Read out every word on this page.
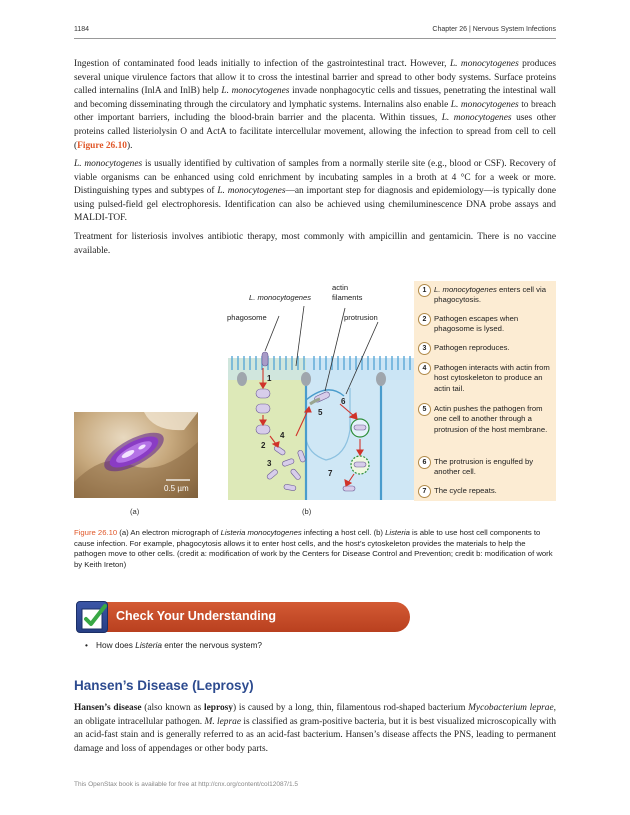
1184	Chapter 26 | Nervous System Infections

Ingestion of contaminated food leads initially to infection of the gastrointestinal tract. However, L. monocytogenes produces several unique virulence factors that allow it to cross the intestinal barrier and spread to other body systems. Surface proteins called internalins (InlA and InlB) help L. monocytogenes invade nonphagocytic cells and tissues, penetrating the intestinal wall and becoming disseminating through the circulatory and lymphatic systems. Internalins also enable L. monocytogenes to breach other important barriers, including the blood-brain barrier and the placenta. Within tissues, L. monocytogenes uses other proteins called listeriolysin O and ActA to facilitate intercellular movement, allowing the infection to spread from cell to cell (Figure 26.10).

L. monocytogenes is usually identified by cultivation of samples from a normally sterile site (e.g., blood or CSF). Recovery of viable organisms can be enhanced using cold enrichment by incubating samples in a broth at 4 °C for a week or more. Distinguishing types and subtypes of L. monocytogenes—an important step for diagnosis and epidemiology—is typically done using pulsed-field gel electrophoresis. Identification can also be achieved using chemiluminescence DNA probe assays and MALDI-TOF.

Treatment for listeriosis involves antibiotic therapy, most commonly with ampicillin and gentamicin. There is no vaccine available.

0.5 µm
(a)
L. monocytogenes
actin
filaments
phagosome	protrusion
1
2
3
4
5
6
7
(b)
1 L. monocytogenes enters cell via phagocytosis.
2 Pathogen escapes when phagosome is lysed.
3 Pathogen reproduces.
4 Pathogen interacts with actin from host cytoskeleton to produce an actin tail.
5 Actin pushes the pathogen from one cell to another through a protrusion of the host membrane.
6 The protrusion is engulfed by another cell.
7 The cycle repeats.

Figure 26.10 (a) An electron micrograph of Listeria monocytogenes infecting a host cell. (b) Listeria is able to use host cell components to cause infection. For example, phagocytosis allows it to enter host cells, and the host’s cytoskeleton provides the materials to help the pathogen move to other cells. (credit a: modification of work by the Centers for Disease Control and Prevention; credit b: modification of work by Keith Ireton)

Check Your Understanding
• How does Listeria enter the nervous system?
Hansen’s Disease (Leprosy)

Hansen’s disease (also known as leprosy) is caused by a long, thin, filamentous rod-shaped bacterium Mycobacterium leprae, an obligate intracellular pathogen. M. leprae is classified as gram-positive bacteria, but it is best visualized microscopically with an acid-fast stain and is generally referred to as an acid-fast bacterium. Hansen’s disease affects the PNS, leading to permanent damage and loss of appendages or other body parts.

This OpenStax book is available for free at http://cnx.org/content/col12087/1.5
